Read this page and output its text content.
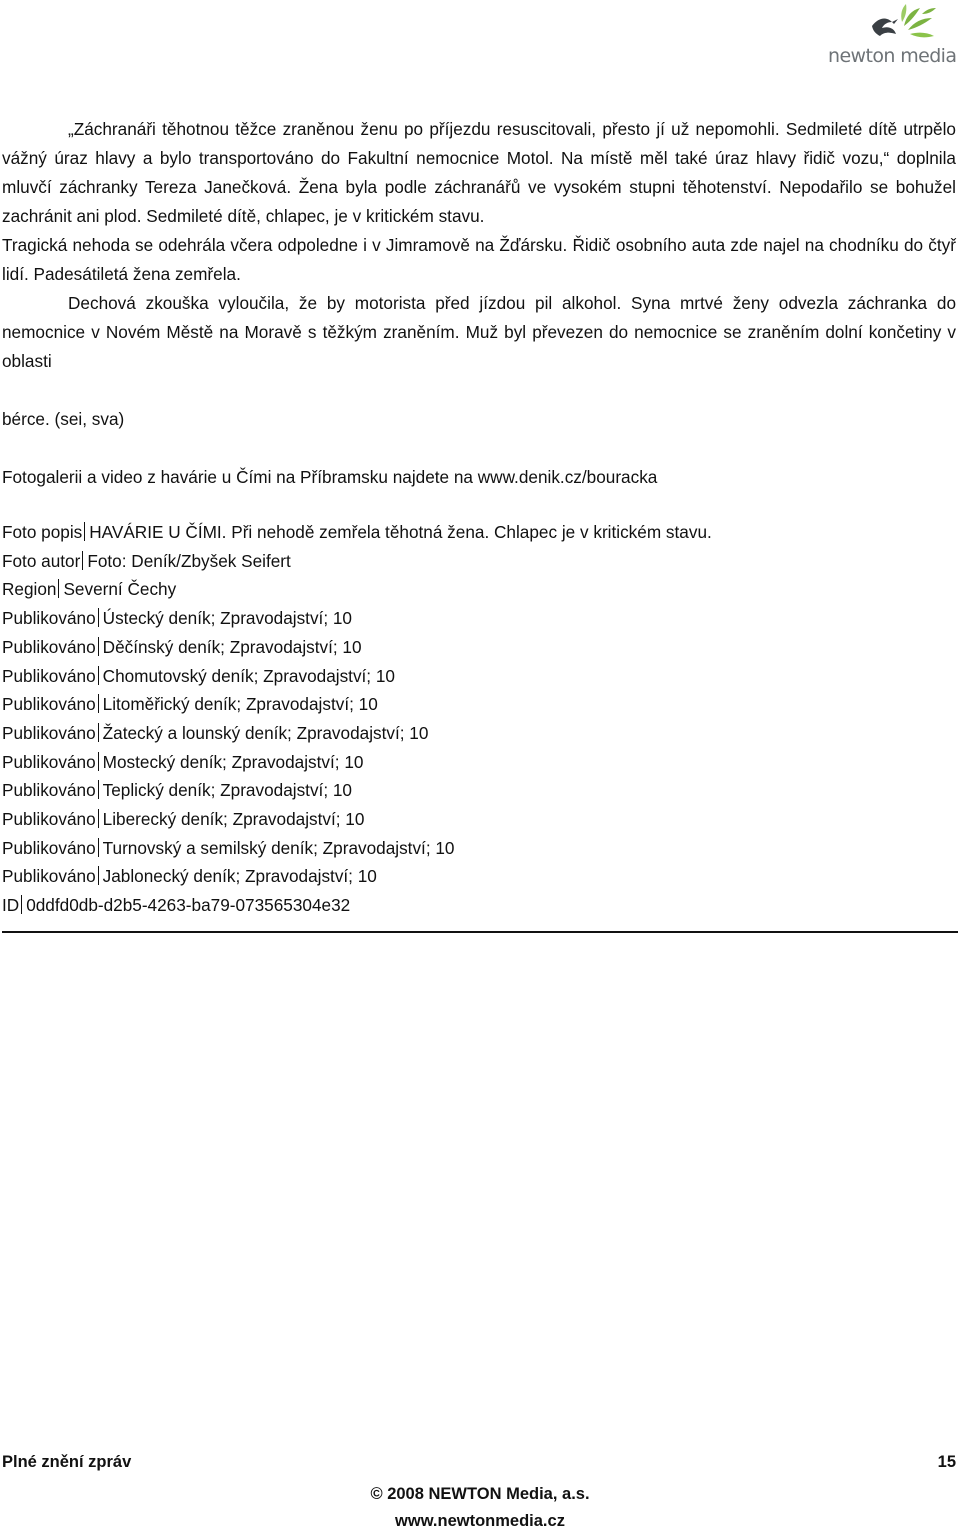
newton media

„Záchranáři těhotnou těžce zraněnou ženu po příjezdu resuscitovali, přesto jí už nepomohli. Sedmileté dítě utrpělo vážný úraz hlavy a bylo transportováno do Fakultní nemocnice Motol. Na místě měl také úraz hlavy řidič vozu,“ doplnila mluvčí záchranky Tereza Janečková. Žena byla podle záchranářů ve vysokém stupni těhotenství. Nepodařilo se bohužel zachránit ani plod. Sedmileté dítě, chlapec, je v kritickém stavu.

Tragická nehoda se odehrála včera odpoledne i v Jimramově na Žďársku. Řidič osobního auta zde najel na chodníku do čtyř lidí. Padesátiletá žena zemřela.

Dechová zkouška vyloučila, že by motorista před jízdou pil alkohol. Syna mrtvé ženy odvezla záchranka do nemocnice v Novém Městě na Moravě s těžkým zraněním. Muž byl převezen do nemocnice se zraněním dolní končetiny v oblasti

bérce. (sei, sva)

Fotogalerii a video z havárie u Čími na Příbramsku najdete na www.denik.cz/bouracka

Foto popis HAVÁRIE U ČÍMI. Při nehodě zemřela těhotná žena. Chlapec je v kritickém stavu.
Foto autor Foto: Deník/Zbyšek Seifert
Region Severní Čechy
Publikováno Ústecký deník; Zpravodajství; 10
Publikováno Děčínský deník; Zpravodajství; 10
Publikováno Chomutovský deník; Zpravodajství; 10
Publikováno Litoměřický deník; Zpravodajství; 10
Publikováno Žatecký a lounský deník; Zpravodajství; 10
Publikováno Mostecký deník; Zpravodajství; 10
Publikováno Teplický deník; Zpravodajství; 10
Publikováno Liberecký deník; Zpravodajství; 10
Publikováno Turnovský a semilský deník; Zpravodajství; 10
Publikováno Jablonecký deník; Zpravodajství; 10
ID 0ddfd0db-d2b5-4263-ba79-073565304e32
Plné znění zpráv	15
© 2008 NEWTON Media, a.s.
www.newtonmedia.cz
